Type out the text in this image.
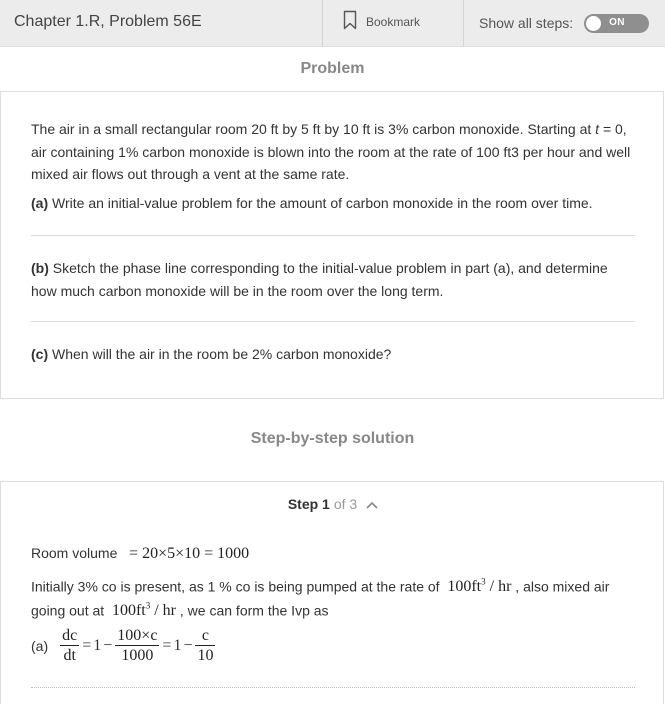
Chapter 1.R, Problem 56E	Bookmark	Show all steps:	ON
Problem
The air in a small rectangular room 20 ft by 5 ft by 10 ft is 3% carbon monoxide. Starting at t = 0, air containing 1% carbon monoxide is blown into the room at the rate of 100 ft3 per hour and well mixed air flows out through a vent at the same rate.
(a) Write an initial-value problem for the amount of carbon monoxide in the room over time.
(b) Sketch the phase line corresponding to the initial-value problem in part (a), and determine how much carbon monoxide will be in the room over the long term.
(c) When will the air in the room be 2% carbon monoxide?
Step-by-step solution
Step 1 of 3
Room volume = 20×5×10 = 1000
Initially 3% co is present, as 1 % co is being pumped at the rate of $100ft^3$ / hr , also mixed air
going out at $100ft^3$ / hr , we can form the Ivp as
$(a) \frac{dc}{dt} = 1 - \frac{100\times c}{1000} = 1 - \frac{c}{10}$
